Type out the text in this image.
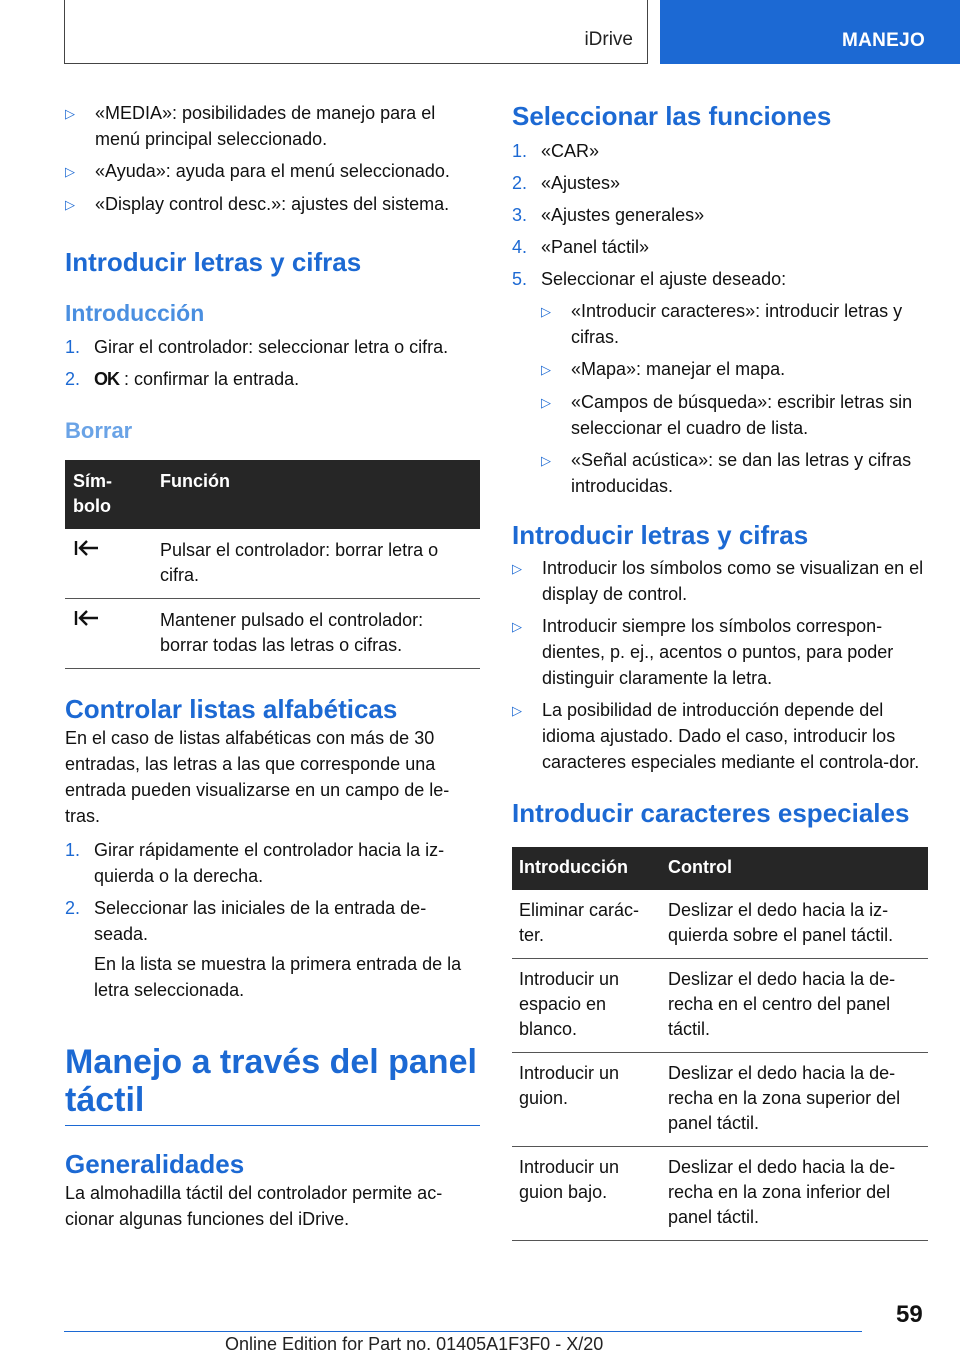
iDrive	MANEJO
▷	«MEDIA»: posibilidades de manejo para el menú principal seleccionado.
▷	«Ayuda»: ayuda para el menú seleccionado.
▷	«Display control desc.»: ajustes del sistema.
Introducir letras y cifras
Introducción
1. Girar el controlador: seleccionar letra o cifra.
2. OK : confirmar la entrada.
Borrar
Sím-
bolo	Función
	Pulsar el controlador: borrar letra o cifra.
	Mantener pulsado el controlador: borrar todas las letras o cifras.
Controlar listas alfabéticas

En el caso de listas alfabéticas con más de 30 entradas, las letras a las que corresponde una entrada pueden visualizarse en un campo de le-tras.

1. Girar rápidamente el controlador hacia la iz-quierda o la derecha.
2. Seleccionar las iniciales de la entrada de-seada.
En la lista se muestra la primera entrada de la letra seleccionada.
Manejo a través del panel táctil
Generalidades

La almohadilla táctil del controlador permite ac-cionar algunas funciones del iDrive.

Seleccionar las funciones
1. «CAR»
2. «Ajustes»
3. «Ajustes generales»
4. «Panel táctil»
5. Seleccionar el ajuste deseado:
▷	«Introducir caracteres»: introducir letras y cifras.
▷	«Mapa»: manejar el mapa.
▷	«Campos de búsqueda»: escribir letras sin seleccionar el cuadro de lista.
▷	«Señal acústica»: se dan las letras y cifras introducidas.
Introducir letras y cifras
▷	Introducir los símbolos como se visualizan en el display de control.
▷	Introducir siempre los símbolos correspon-dientes, p. ej., acentos o puntos, para poder distinguir claramente la letra.
▷	La posibilidad de introducción depende del idioma ajustado. Dado el caso, introducir los caracteres especiales mediante el controla-dor.
Introducir caracteres especiales
Introducción	Control
Eliminar carác-ter.	Deslizar el dedo hacia la iz-quierda sobre el panel táctil.
Introducir un espacio en blanco.	Deslizar el dedo hacia la de-recha en el centro del panel táctil.
Introducir un guion.	Deslizar el dedo hacia la de-recha en la zona superior del panel táctil.
Introducir un guion bajo.	Deslizar el dedo hacia la de-recha en la zona inferior del panel táctil.
59
Online Edition for Part no. 01405A1F3F0 - X/20
